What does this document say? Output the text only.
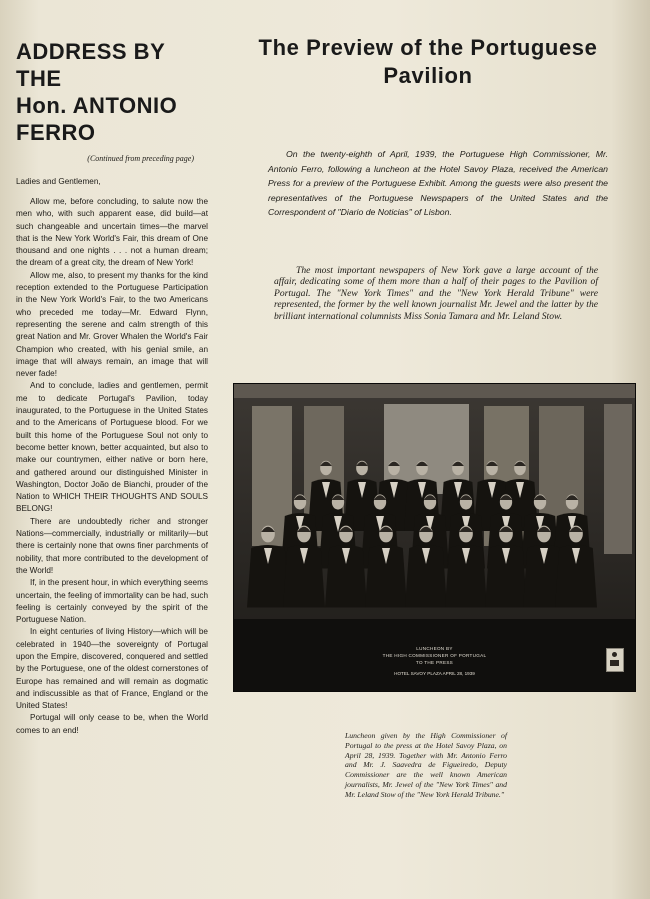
ADDRESS BY THE
Hon. ANTONIO FERRO
(Continued from preceding page)

Ladies and Gentlemen,

Allow me, before concluding, to salute now the men who, with such apparent ease, did build—at such changeable and uncertain times—the marvel that is the New York World's Fair, this dream of One thousand and one nights . . . not a human dream; the dream of a great city, the dream of New York!

Allow me, also, to present my thanks for the kind reception extended to the Portuguese Participation in the New York World's Fair, to the two Americans who preceded me today—Mr. Edward Flynn, representing the serene and calm strength of this great Nation and Mr. Grover Whalen the World's Fair Champion who created, with his genial smile, an image that will always remain, an image that will never fade!

And to conclude, ladies and gentlemen, permit me to dedicate Portugal's Pavilion, today inaugurated, to the Portuguese in the United States and to the Americans of Portuguese blood. For we built this home of the Portuguese Soul not only to become better known, better acquainted, but also to make our countrymen, either native or born here, and gathered around our distinguished Minister in Washington, Doctor João de Bianchi, prouder of the Nation to WHICH THEIR THOUGHTS AND SOULS BELONG!

There are undoubtedly richer and stronger Nations—commercially, industrially or militarily—but there is certainly none that owns finer parchments of nobility, that more contributed to the development of the World!

If, in the present hour, in which everything seems uncertain, the feeling of immortality can be had, such feeling is certainly conveyed by the spirit of the Portuguese Nation.

In eight centuries of living History—which will be celebrated in 1940—the sovereignty of Portugal upon the Empire, discovered, conquered and settled by the Portuguese, one of the oldest cornerstones of Europe has remained and will remain as dogmatic and indiscussible as that of France, England or the United States!

Portugal will only cease to be, when the World comes to an end!

The Preview of the Portuguese
Pavilion

On the twenty-eighth of April, 1939, the Portuguese High Commissioner, Mr. Antonio Ferro, following a luncheon at the Hotel Savoy Plaza, received the American Press for a preview of the Portuguese Exhibit. Among the guests were also present the representatives of the Portuguese Newspapers of the United States and the Correspondent of "Diario de Noticias" of Lisbon.

The most important newspapers of New York gave a large account of the affair, dedicating some of them more than a half of their pages to the Pavilion of Portugal. The "New York Times" and the "New York Herald Tribune" were represented, the former by the well known journalist Mr. Jewel and the latter by the brilliant international columnists Miss Sonia Tamara and Mr. Leland Stow.

LUNCHEON BY
THE HIGH COMMISSIONER OF PORTUGAL
TO THE PRESS
HOTEL SAVOY PLAZA APRIL 28, 1939

Luncheon given by the High Commissioner of Portugal to the press at the Hotel Savoy Plaza, on April 28, 1939. Together with Mr. Antonio Ferro and Mr. J. Saavedra de Figueiredo, Deputy Commissioner are the well known American journalists, Mr. Jewel of the "New York Times" and Mr. Leland Stow of the "New York Herald Tribune."
